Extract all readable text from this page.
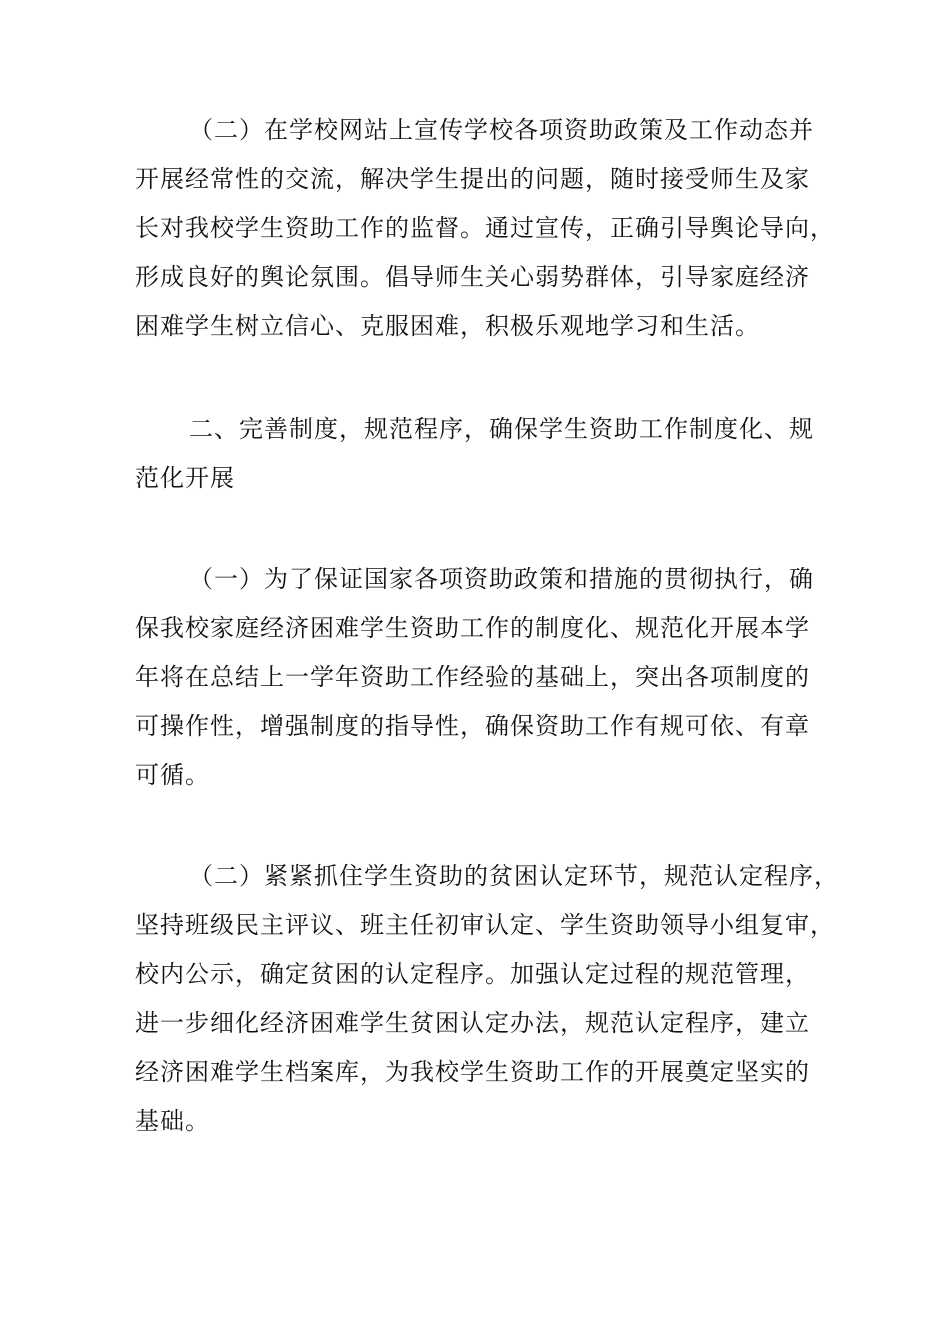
（二）在学校网站上宣传学校各项资助政策及工作动态并
开展经常性的交流，解决学生提出的问题，随时接受师生及家
长对我校学生资助工作的监督。通过宣传，正确引导舆论导向，
形成良好的舆论氛围。倡导师生关心弱势群体，引导家庭经济
困难学生树立信心、克服困难，积极乐观地学习和生活。
二、完善制度，规范程序，确保学生资助工作制度化、规
范化开展
（一）为了保证国家各项资助政策和措施的贯彻执行，确
保我校家庭经济困难学生资助工作的制度化、规范化开展本学
年将在总结上一学年资助工作经验的基础上，突出各项制度的
可操作性，增强制度的指导性，确保资助工作有规可依、有章
可循。
（二）紧紧抓住学生资助的贫困认定环节，规范认定程序，
坚持班级民主评议、班主任初审认定、学生资助领导小组复审，
校内公示，确定贫困的认定程序。加强认定过程的规范管理，
进一步细化经济困难学生贫困认定办法，规范认定程序，建立
经济困难学生档案库，为我校学生资助工作的开展奠定坚实的
基础。
